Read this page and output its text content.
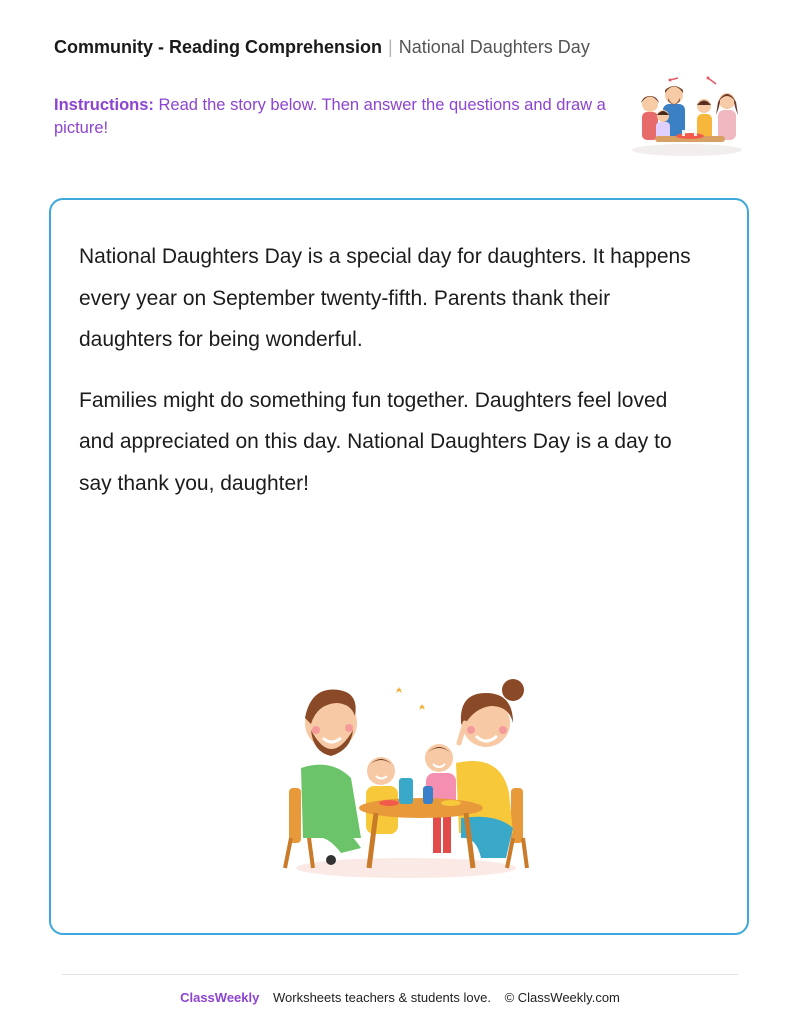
Community - Reading Comprehension | National Daughters Day
Instructions: Read the story below. Then answer the questions and draw a picture!

National Daughters Day is a special day for daughters. It happens every year on September twenty-fifth. Parents thank their daughters for being wonderful.

Families might do something fun together. Daughters feel loved and appreciated on this day. National Daughters Day is a day to say thank you, daughter!

ClassWeekly Worksheets teachers & students love. © ClassWeekly.com
